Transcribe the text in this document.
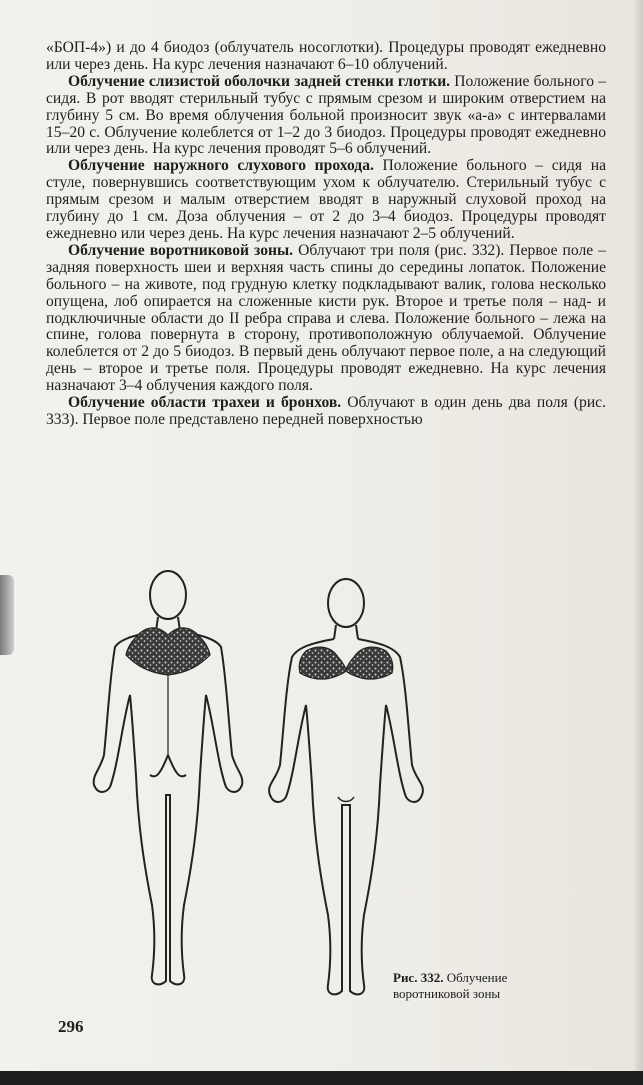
«БОП-4») и до 4 биодоз (облучатель носоглотки). Процедуры проводят ежедневно или через день. На курс лечения назначают 6–10 облучений.

Облучение слизистой оболочки задней стенки глотки. Положение больного – сидя. В рот вводят стерильный тубус с прямым срезом и широким отверстием на глубину 5 см. Во время облучения больной произносит звук «а-а» с интервалами 15–20 с. Облучение колеблется от 1–2 до 3 биодоз. Процедуры проводят ежедневно или через день. На курс лечения проводят 5–6 облучений.

Облучение наружного слухового прохода. Положение больного – сидя на стуле, повернувшись соответствующим ухом к облучателю. Стерильный тубус с прямым срезом и малым отверстием вводят в наружный слуховой проход на глубину до 1 см. Доза облучения – от 2 до 3–4 биодоз. Процедуры проводят ежедневно или через день. На курс лечения назначают 2–5 облучений.

Облучение воротниковой зоны. Облучают три поля (рис. 332). Первое поле – задняя поверхность шеи и верхняя часть спины до середины лопаток. Положение больного – на животе, под грудную клетку подкладывают валик, голова несколько опущена, лоб опирается на сложенные кисти рук. Второе и третье поля – над- и подключичные области до II ребра справа и слева. Положение больного – лежа на спине, голова повернута в сторону, противоположную облучаемой. Облучение колеблется от 2 до 5 биодоз. В первый день облучают первое поле, а на следующий день – второе и третье поля. Процедуры проводят ежедневно. На курс лечения назначают 3–4 облучения каждого поля.

Облучение области трахеи и бронхов. Облучают в один день два поля (рис. 333). Первое поле представлено передней поверхностью

Рис. 332. Облучение воротниковой зоны
296
